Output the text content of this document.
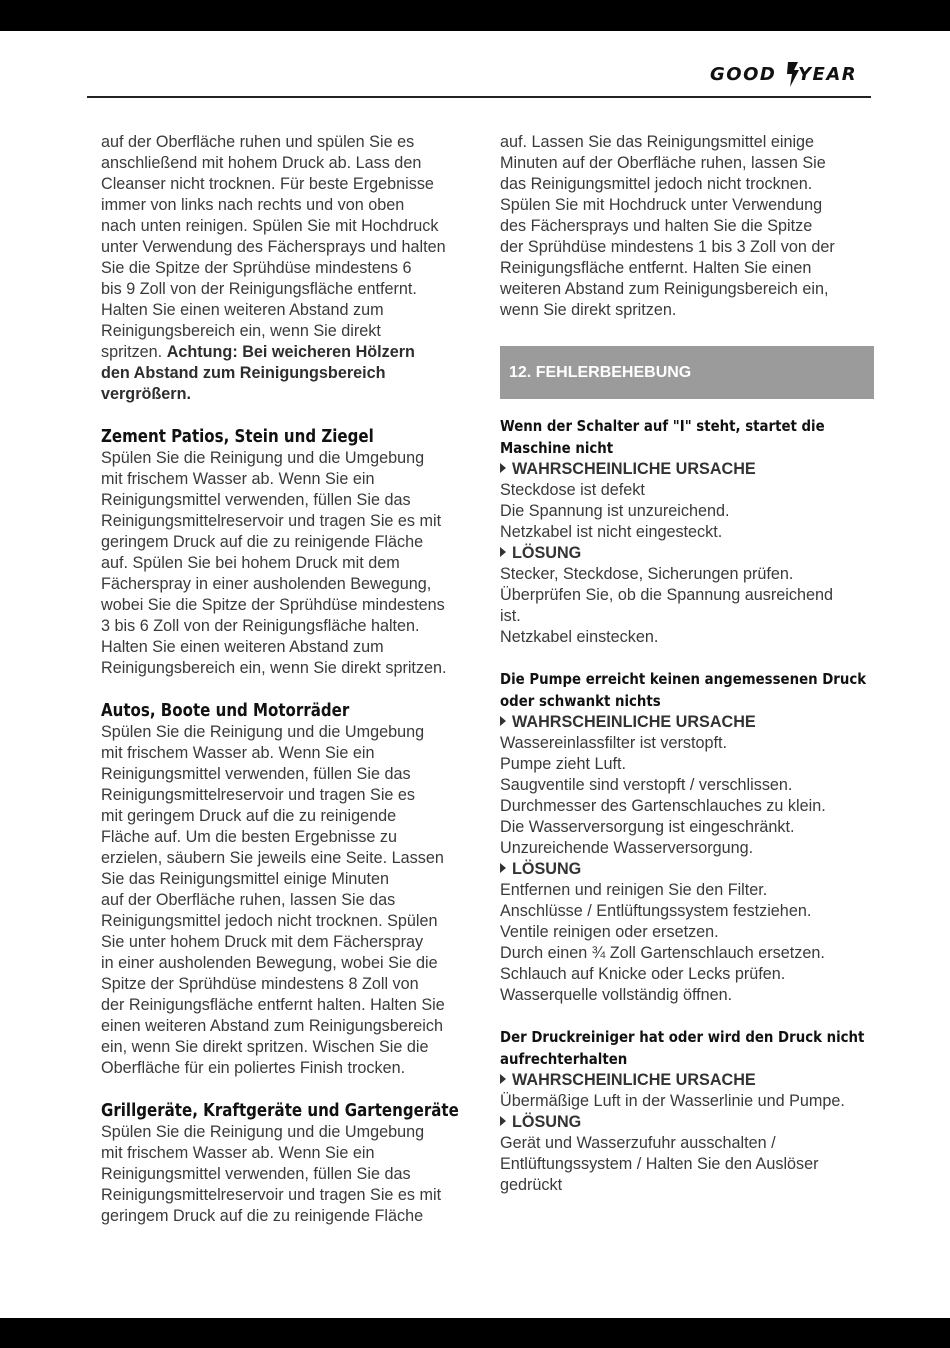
GOOD YEAR
auf der Oberfläche ruhen und spülen Sie es
anschließend mit hohem Druck ab. Lass den
Cleanser nicht trocknen. Für beste Ergebnisse
immer von links nach rechts und von oben
nach unten reinigen. Spülen Sie mit Hochdruck
unter Verwendung des Fächersprays und halten
Sie die Spitze der Sprühdüse mindestens 6
bis 9 Zoll von der Reinigungsfläche entfernt.
Halten Sie einen weiteren Abstand zum
Reinigungsbereich ein, wenn Sie direkt
spritzen. Achtung: Bei weicheren Hölzern
den Abstand zum Reinigungsbereich
vergrößern.
Zement Patios, Stein und Ziegel
Spülen Sie die Reinigung und die Umgebung
mit frischem Wasser ab. Wenn Sie ein
Reinigungsmittel verwenden, füllen Sie das
Reinigungsmittelreservoir und tragen Sie es mit
geringem Druck auf die zu reinigende Fläche
auf. Spülen Sie bei hohem Druck mit dem
Fächerspray in einer ausholenden Bewegung,
wobei Sie die Spitze der Sprühdüse mindestens
3 bis 6 Zoll von der Reinigungsfläche halten.
Halten Sie einen weiteren Abstand zum
Reinigungsbereich ein, wenn Sie direkt spritzen.
Autos, Boote und Motorräder
Spülen Sie die Reinigung und die Umgebung
mit frischem Wasser ab. Wenn Sie ein
Reinigungsmittel verwenden, füllen Sie das
Reinigungsmittelreservoir und tragen Sie es
mit geringem Druck auf die zu reinigende
Fläche auf. Um die besten Ergebnisse zu
erzielen, säubern Sie jeweils eine Seite. Lassen
Sie das Reinigungsmittel einige Minuten
auf der Oberfläche ruhen, lassen Sie das
Reinigungsmittel jedoch nicht trocknen. Spülen
Sie unter hohem Druck mit dem Fächerspray
in einer ausholenden Bewegung, wobei Sie die
Spitze der Sprühdüse mindestens 8 Zoll von
der Reinigungsfläche entfernt halten. Halten Sie
einen weiteren Abstand zum Reinigungsbereich
ein, wenn Sie direkt spritzen. Wischen Sie die
Oberfläche für ein poliertes Finish trocken.
Grillgeräte, Kraftgeräte und Gartengeräte
Spülen Sie die Reinigung und die Umgebung
mit frischem Wasser ab. Wenn Sie ein
Reinigungsmittel verwenden, füllen Sie das
Reinigungsmittelreservoir und tragen Sie es mit
geringem Druck auf die zu reinigende Fläche
auf. Lassen Sie das Reinigungsmittel einige
Minuten auf der Oberfläche ruhen, lassen Sie
das Reinigungsmittel jedoch nicht trocknen.
Spülen Sie mit Hochdruck unter Verwendung
des Fächersprays und halten Sie die Spitze
der Sprühdüse mindestens 1 bis 3 Zoll von der
Reinigungsfläche entfernt. Halten Sie einen
weiteren Abstand zum Reinigungsbereich ein,
wenn Sie direkt spritzen.
12. FEHLERBEHEBUNG
Wenn der Schalter auf "I" steht, startet die
Maschine nicht
WAHRSCHEINLICHE URSACHE
Steckdose ist defekt
Die Spannung ist unzureichend.
Netzkabel ist nicht eingesteckt.
LÖSUNG
Stecker, Steckdose, Sicherungen prüfen.
Überprüfen Sie, ob die Spannung ausreichend
ist.
Netzkabel einstecken.
Die Pumpe erreicht keinen angemessenen Druck
oder schwankt nichts
WAHRSCHEINLICHE URSACHE
Wassereinlassfilter ist verstopft.
Pumpe zieht Luft.
Saugventile sind verstopft / verschlissen.
Durchmesser des Gartenschlauches zu klein.
Die Wasserversorgung ist eingeschränkt.
Unzureichende Wasserversorgung.
LÖSUNG
Entfernen und reinigen Sie den Filter.
Anschlüsse / Entlüftungssystem festziehen.
Ventile reinigen oder ersetzen.
Durch einen ¾ Zoll Gartenschlauch ersetzen.
Schlauch auf Knicke oder Lecks prüfen.
Wasserquelle vollständig öffnen.
Der Druckreiniger hat oder wird den Druck nicht
aufrechterhalten
WAHRSCHEINLICHE URSACHE
Übermäßige Luft in der Wasserlinie und Pumpe.
LÖSUNG
Gerät und Wasserzufuhr ausschalten /
Entlüftungssystem / Halten Sie den Auslöser
gedrückt
